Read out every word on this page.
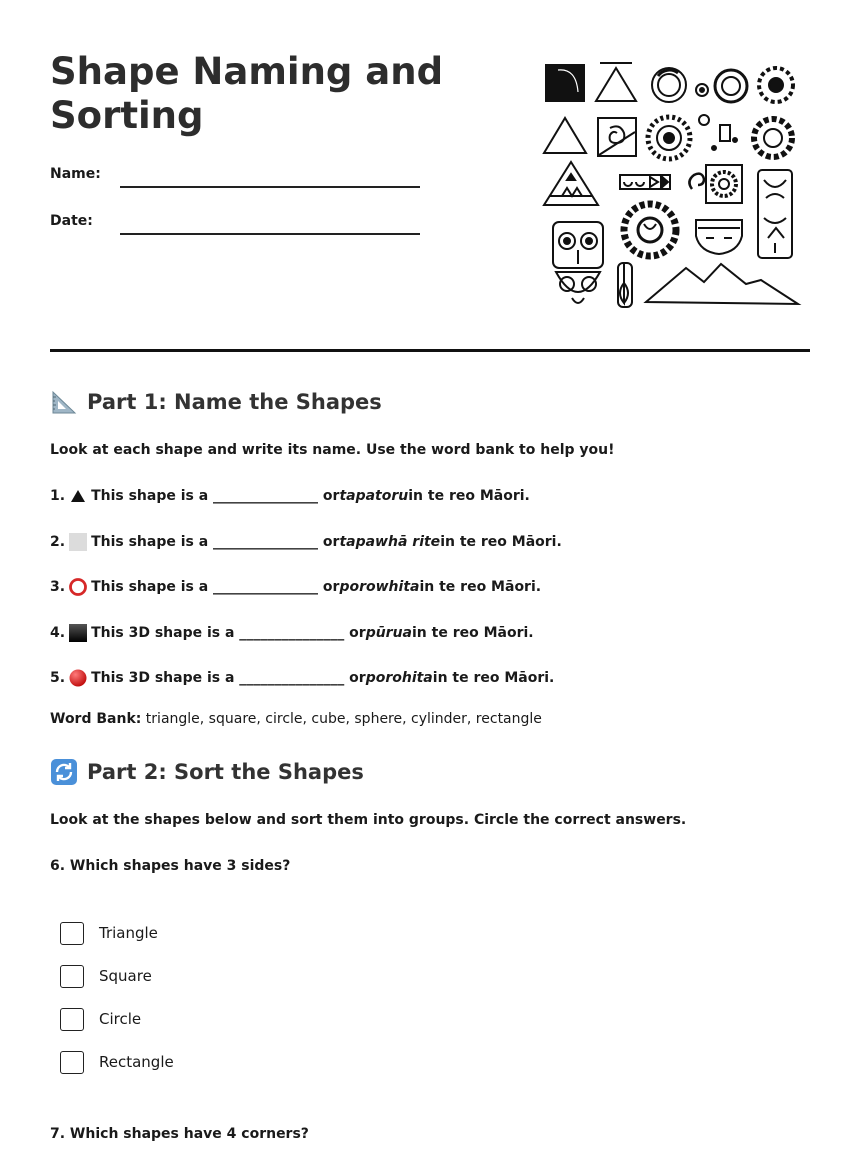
Shape Naming and Sorting
Name:
Date:
Part 1: Name the Shapes
Look at each shape and write its name. Use the word bank to help you!
1. This shape is a _______________ or tapatoru in te reo Māori.
2. This shape is a _______________ or tapawhā rite in te reo Māori.
3. This shape is a _______________ or porowhita in te reo Māori.
4. This 3D shape is a _______________ or pūrua in te reo Māori.
5. This 3D shape is a _______________ or porohita in te reo Māori.
Word Bank: triangle, square, circle, cube, sphere, cylinder, rectangle
Part 2: Sort the Shapes
Look at the shapes below and sort them into groups. Circle the correct answers.
6. Which shapes have 3 sides?
Triangle
Square
Circle
Rectangle
7. Which shapes have 4 corners?
